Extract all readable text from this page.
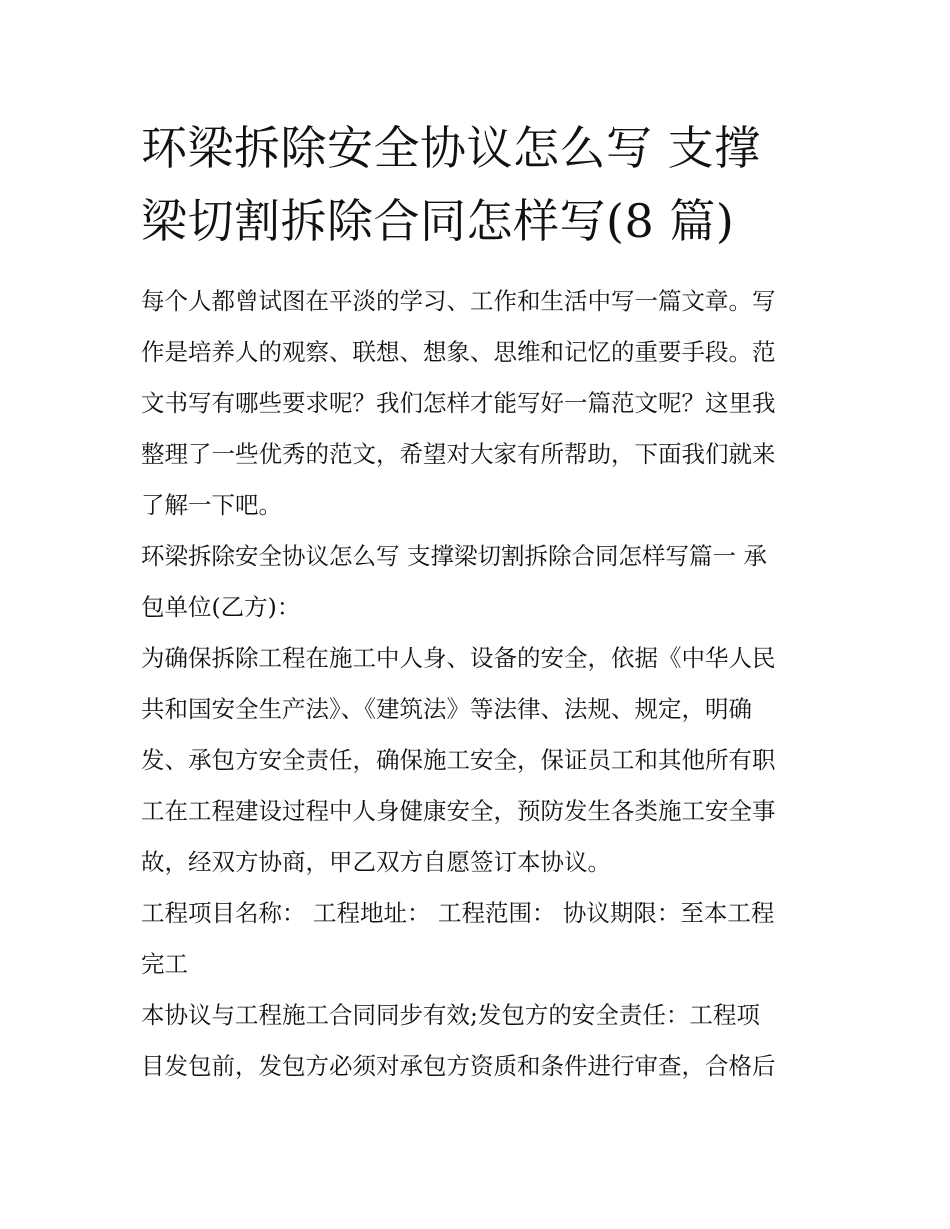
环梁拆除安全协议怎么写 支撑
梁切割拆除合同怎样写(8 篇)

每个人都曾试图在平淡的学习、工作和生活中写一篇文章。写
作是培养人的观察、联想、想象、思维和记忆的重要手段。范
文书写有哪些要求呢？我们怎样才能写好一篇范文呢？这里我
整理了一些优秀的范文，希望对大家有所帮助，下面我们就来
了解一下吧。

环梁拆除安全协议怎么写 支撑梁切割拆除合同怎样写篇一 承
包单位(乙方)：

为确保拆除工程在施工中人身、设备的安全，依据《中华人民
共和国安全生产法》、《建筑法》等法律、法规、规定，明确
发、承包方安全责任，确保施工安全，保证员工和其他所有职
工在工程建设过程中人身健康安全，预防发生各类施工安全事
故，经双方协商，甲乙双方自愿签订本协议。

工程项目名称： 工程地址： 工程范围： 协议期限：至本工程
完工

本协议与工程施工合同同步有效;发包方的安全责任：工程项
目发包前，发包方必须对承包方资质和条件进行审查，合格后
